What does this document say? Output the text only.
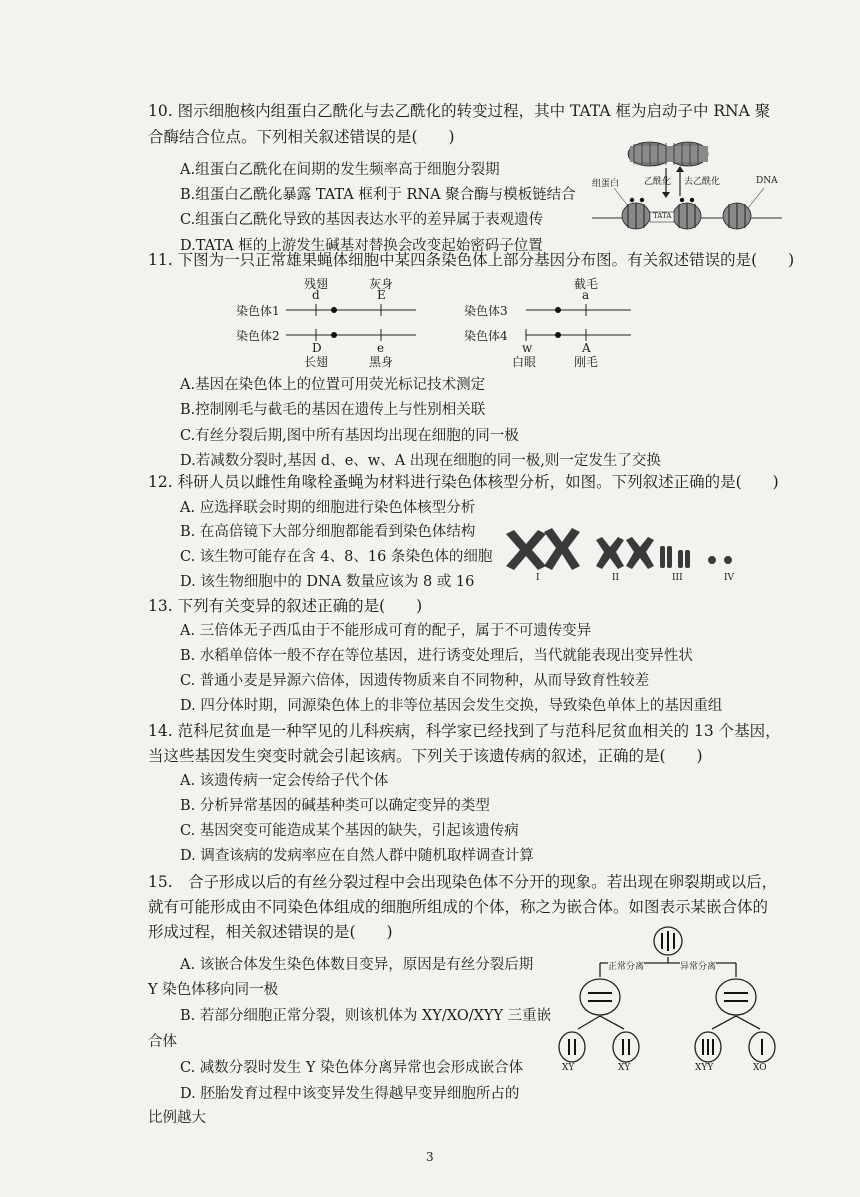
10. 图示细胞核内组蛋白乙酰化与去乙酰化的转变过程，其中 TATA 框为启动子中 RNA 聚
合酶结合位点。下列相关叙述错误的是(　　)
A.组蛋白乙酰化在间期的发生频率高于细胞分裂期
B.组蛋白乙酰化暴露 TATA 框利于 RNA 聚合酶与模板链结合
C.组蛋白乙酰化导致的基因表达水平的差异属于表观遗传
D.TATA 框的上游发生碱基对替换会改变起始密码子位置
组蛋白	乙酰化 去乙酰化	DNA
TATA
11. 下图为一只正常雄果蝇体细胞中某四条染色体上部分基因分布图。有关叙述错误的是(　　)
染色体1
染色体2
染色体3
染色体4
残翅	灰身
d	E
D	e
长翅	黑身
截毛
a
w	A
白眼	刚毛
A.基因在染色体上的位置可用荧光标记技术测定
B.控制刚毛与截毛的基因在遗传上与性别相关联
C.有丝分裂后期,图中所有基因均出现在细胞的同一极
D.若减数分裂时,基因 d、e、w、A 出现在细胞的同一极,则一定发生了交换
12. 科研人员以雌性角喙栓蚤蝇为材料进行染色体核型分析，如图。下列叙述正确的是(　　)
A. 应选择联会时期的细胞进行染色体核型分析
B. 在高倍镜下大部分细胞都能看到染色体结构
C. 该生物可能存在含 4、8、16 条染色体的细胞
D. 该生物细胞中的 DNA 数量应该为 8 或 16	I	II	III	IV
13. 下列有关变异的叙述正确的是(　　)
A. 三倍体无子西瓜由于不能形成可育的配子，属于不可遗传变异
B. 水稻单倍体一般不存在等位基因，进行诱变处理后，当代就能表现出变异性状
C. 普通小麦是异源六倍体，因遗传物质来自不同物种，从而导致育性较差
D. 四分体时期，同源染色体上的非等位基因会发生交换，导致染色单体上的基因重组
14. 范科尼贫血是一种罕见的儿科疾病，科学家已经找到了与范科尼贫血相关的 13 个基因，
当这些基因发生突变时就会引起该病。下列关于该遗传病的叙述，正确的是(　　)
A. 该遗传病一定会传给子代个体
B. 分析异常基因的碱基种类可以确定变异的类型
C. 基因突变可能造成某个基因的缺失，引起该遗传病
D. 调查该病的发病率应在自然人群中随机取样调查计算
15.　合子形成以后的有丝分裂过程中会出现染色体不分开的现象。若出现在卵裂期或以后，
就有可能形成由不同染色体组成的细胞所组成的个体，称之为嵌合体。如图表示某嵌合体的
形成过程，相关叙述错误的是(　　)
A. 该嵌合体发生染色体数目变异，原因是有丝分裂后期
Y 染色体移向同一极
B. 若部分细胞正常分裂，则该机体为 XY/XO/XYY 三重嵌
合体
C. 减数分裂时发生 Y 染色体分离异常也会形成嵌合体
D. 胚胎发育过程中该变异发生得越早变异细胞所占的
比例越大
正常分离	异常分离
XY	XY	XYY	XO
3
